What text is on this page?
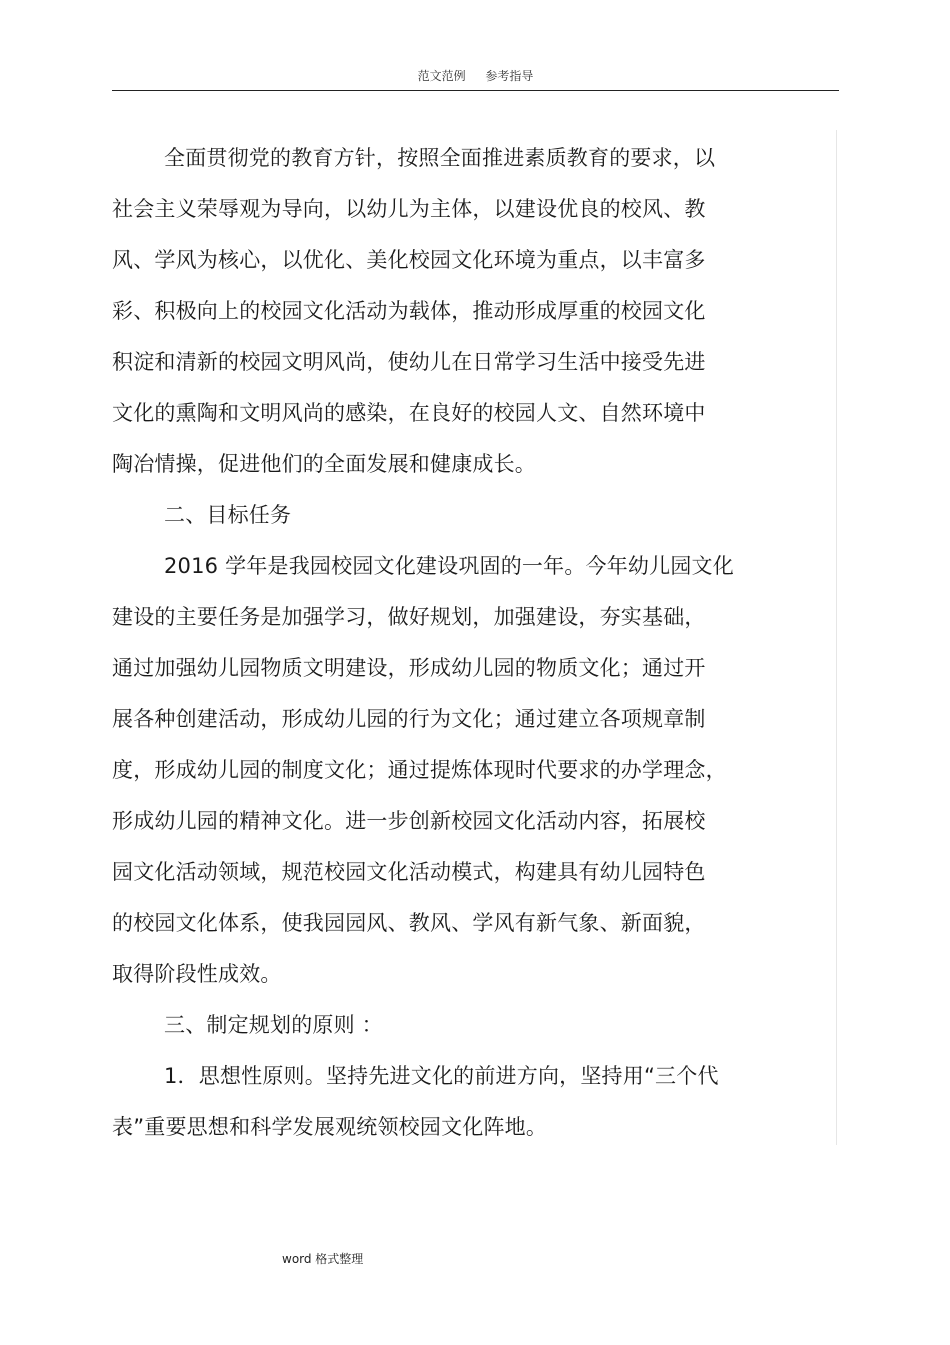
范文范例 参考指导
全面贯彻党的教育方针，按照全面推进素质教育的要求，以
社会主义荣辱观为导向，以幼儿为主体，以建设优良的校风、教
风、学风为核心，以优化、美化校园文化环境为重点，以丰富多
彩、积极向上的校园文化活动为载体，推动形成厚重的校园文化
积淀和清新的校园文明风尚，使幼儿在日常学习生活中接受先进
文化的熏陶和文明风尚的感染，在良好的校园人文、自然环境中
陶冶情操，促进他们的全面发展和健康成长。
二、目标任务
2016 学年是我园校园文化建设巩固的一年。今年幼儿园文化
建设的主要任务是加强学习，做好规划，加强建设，夯实基础，
通过加强幼儿园物质文明建设，形成幼儿园的物质文化；通过开
展各种创建活动，形成幼儿园的行为文化；通过建立各项规章制
度，形成幼儿园的制度文化；通过提炼体现时代要求的办学理念，
形成幼儿园的精神文化。进一步创新校园文化活动内容，拓展校
园文化活动领域，规范校园文化活动模式，构建具有幼儿园特色
的校园文化体系，使我园园风、教风、学风有新气象、新面貌，
取得阶段性成效。
三、制定规划的原则 ：
1．思想性原则。坚持先进文化的前进方向，坚持用“三个代
表”重要思想和科学发展观统领校园文化阵地。
word 格式整理
